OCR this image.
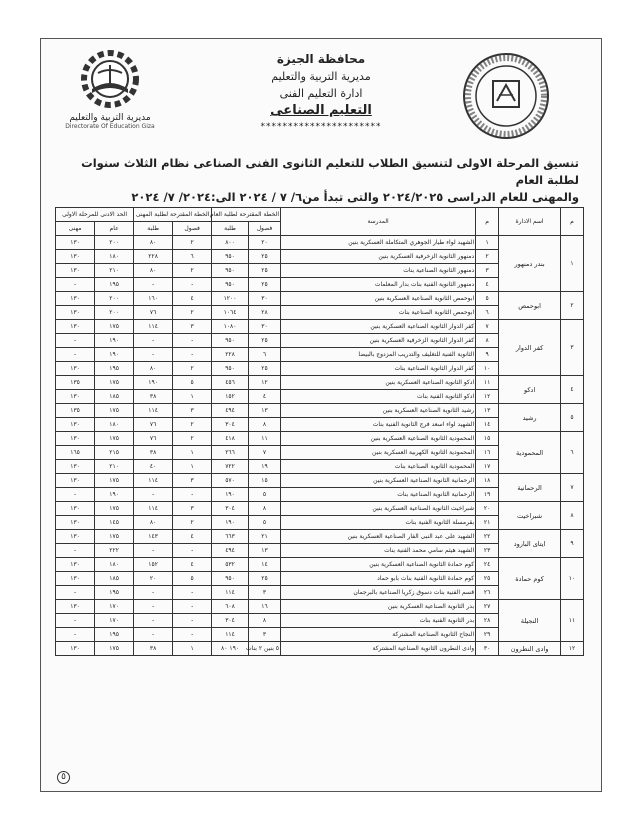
مديرية التربية والتعليم
Directorate Of Education Giza
محافظة الجيزة
مديرية التربية والتعليم
ادارة التعليم الفنى
التعليم الصناعى
**********************
تنسيق المرحلة الاولى لتنسيق الطلاب للتعليم الثانوى الفنى الصناعى نظام الثلاث سنوات لطلبة العام
والمهنى للعام الدراسى ٢٠٢٤/٢٠٢٥ والتى تبدأ من٦/ ٧ / ٢٠٢٤ الى:٢٠٢٤/ ٧/ ٢٠٢٤
م	اسم الادارة	م	المدرسة	الخطة المقترحة لطلبة العام		الخطة المقترحة لطلبة المهنى		الحد الادنى للمرحلة الاولى	
				فصول	طلبة	فصول	طلبة	عام	مهنى
١	بندر دمنهور	١	الشهيد لواء طيار الجوهري المتكاملة العسكرية بنين	٢٠	٨٠٠	٢	٨٠	٢٠٠	١٣٠
		٢	دمنهور الثانوية الزخرفية العسكرية بنين	٢٥	٩٥٠	٦	٢٢٨	١٨٠	١٣٠
		٣	دمنهور الثانوية الصناعية بنات	٢٥	٩٥٠	٢	٨٠	٢١٠	١٣٠
		٤	دمنهور الثانوية الفنية بنات بدار المعلمات	٢٥	٩٥٠	-	-	١٩٥	-
٢	ابوحمص	٥	ابوحمص الثانوية الصناعية العسكرية بنين	٣٠	١٢٠٠	٤	١٦٠	٢٠٠	١٣٠
		٦	ابوحمص الثانوية الصناعية بنات	٢٨	١٠٦٤	٢	٧٦	٢٠٠	١٣٠
٣	كفر الدوار	٧	كفر الدوار الثانوية الصناعية العسكرية بنين	٣٠	١٠٨٠	٣	١١٤	١٧٥	١٣٠
		٨	كفر الدوار الثانوية الزخرفية العسكرية بنين	٢٥	٩٥٠	-	-	١٩٠	-
		٩	الثانوية الفنية للتغليف والتدريب المزدوج بالبيضا	٦	٢٢٨	-	-	١٩٠	-
		١٠	كفر الدوار الثانوية الصناعية بنات	٢٥	٩٥٠	٢	٨٠	١٩٥	١٣٠
٤	ادكو	١١	ادكو الثانوية الصناعية العسكرية بنين	١٢	٤٥٦	٥	١٩٠	١٧٥	١٣٥
		١٢	ادكو الثانوية الفنية بنات	٤	١٥٢	١	٣٨	١٨٥	١٣٠
٥	رشيد	١٣	رشيد الثانوية الصناعية العسكرية بنين	١٣	٤٩٤	٣	١١٤	١٧٥	١٣٥
		١٤	الشهيد لواء اسعد فرج الثانوية الفنية بنات	٨	٣٠٤	٢	٧٦	١٨٠	١٣٠
٦	المحمودية	١٥	المحمودية الثانوية الصناعية العسكرية بنين	١١	٤١٨	٢	٧٦	١٧٥	١٣٠
		١٦	المحمودية الثانوية الكهربية العسكرية بنين	٧	٢٦٦	١	٣٨	٢١٥	١٦٥
		١٧	المحمودية الثانوية الصناعية بنات	١٩	٧٢٢	١	٤٠	٢١٠	١٣٠
٧	الرحمانية	١٨	الرحمانية الثانوية الصناعية العسكرية بنين	١٥	٥٧٠	٣	١١٤	١٧٥	١٣٠
		١٩	الرحمانية الثانوية الصناعية بنات	٥	١٩٠	-	-	١٩٠	-
٨	شبراخيت	٢٠	شبراخيت الثانوية الصناعية العسكرية بنين	٨	٣٠٤	٣	١١٤	١٧٥	١٣٠
		٢١	بقرمسلة الثانوية الفنية بنات	٥	١٩٠	٢	٨٠	١٤٥	١٣٠
٩	ايتاى البارود	٢٢	الشهيد على عبد النبى الفار الصناعية العسكرية بنين	٢١	٦٦٣	٤	١٤٣	١٧٥	١٣٠
		٢٣	الشهيد هيثم سامي محمد الفنية بنات	١٣	٤٩٤	-	-	٢٢٢	-
١٠	كوم حمادة	٢٤	كوم حمادة الثانوية الصناعية العسكرية بنين	١٤	٥٣٢	٤	١٥٢	١٨٠	١٣٠
		٢٥	كوم حمادة الثانوية الفنية بنات بابو حماد	٢٥	٩٥٠	٥	٢٠	١٨٥	١٣٠
		٢٦	قسم الفنية بنات دسوق زكريا الصناعية بالبرجمان	٣	١١٤	-	-	١٩٥	-
١١	النجيلة	٢٧	بدر الثانوية الصناعية العسكرية بنين	١٦	٦٠٨	-	-	١٧٠	١٣٠
		٢٨	بدر الثانوية الفنية بنات	٨	٣٠٤	-	-	١٧٠	-
		٢٩	النجاح الثانوية الصناعية المشتركة	٣	١١٤	-	-	١٩٥	-
١٢	وادى النطرون	٣٠	وادى النطرون الثانوية الصناعية المشتركة	٥ بنين ٢ بنات	١٩٠ ٨٠	١	٣٨	١٧٥	١٣٠
٥
